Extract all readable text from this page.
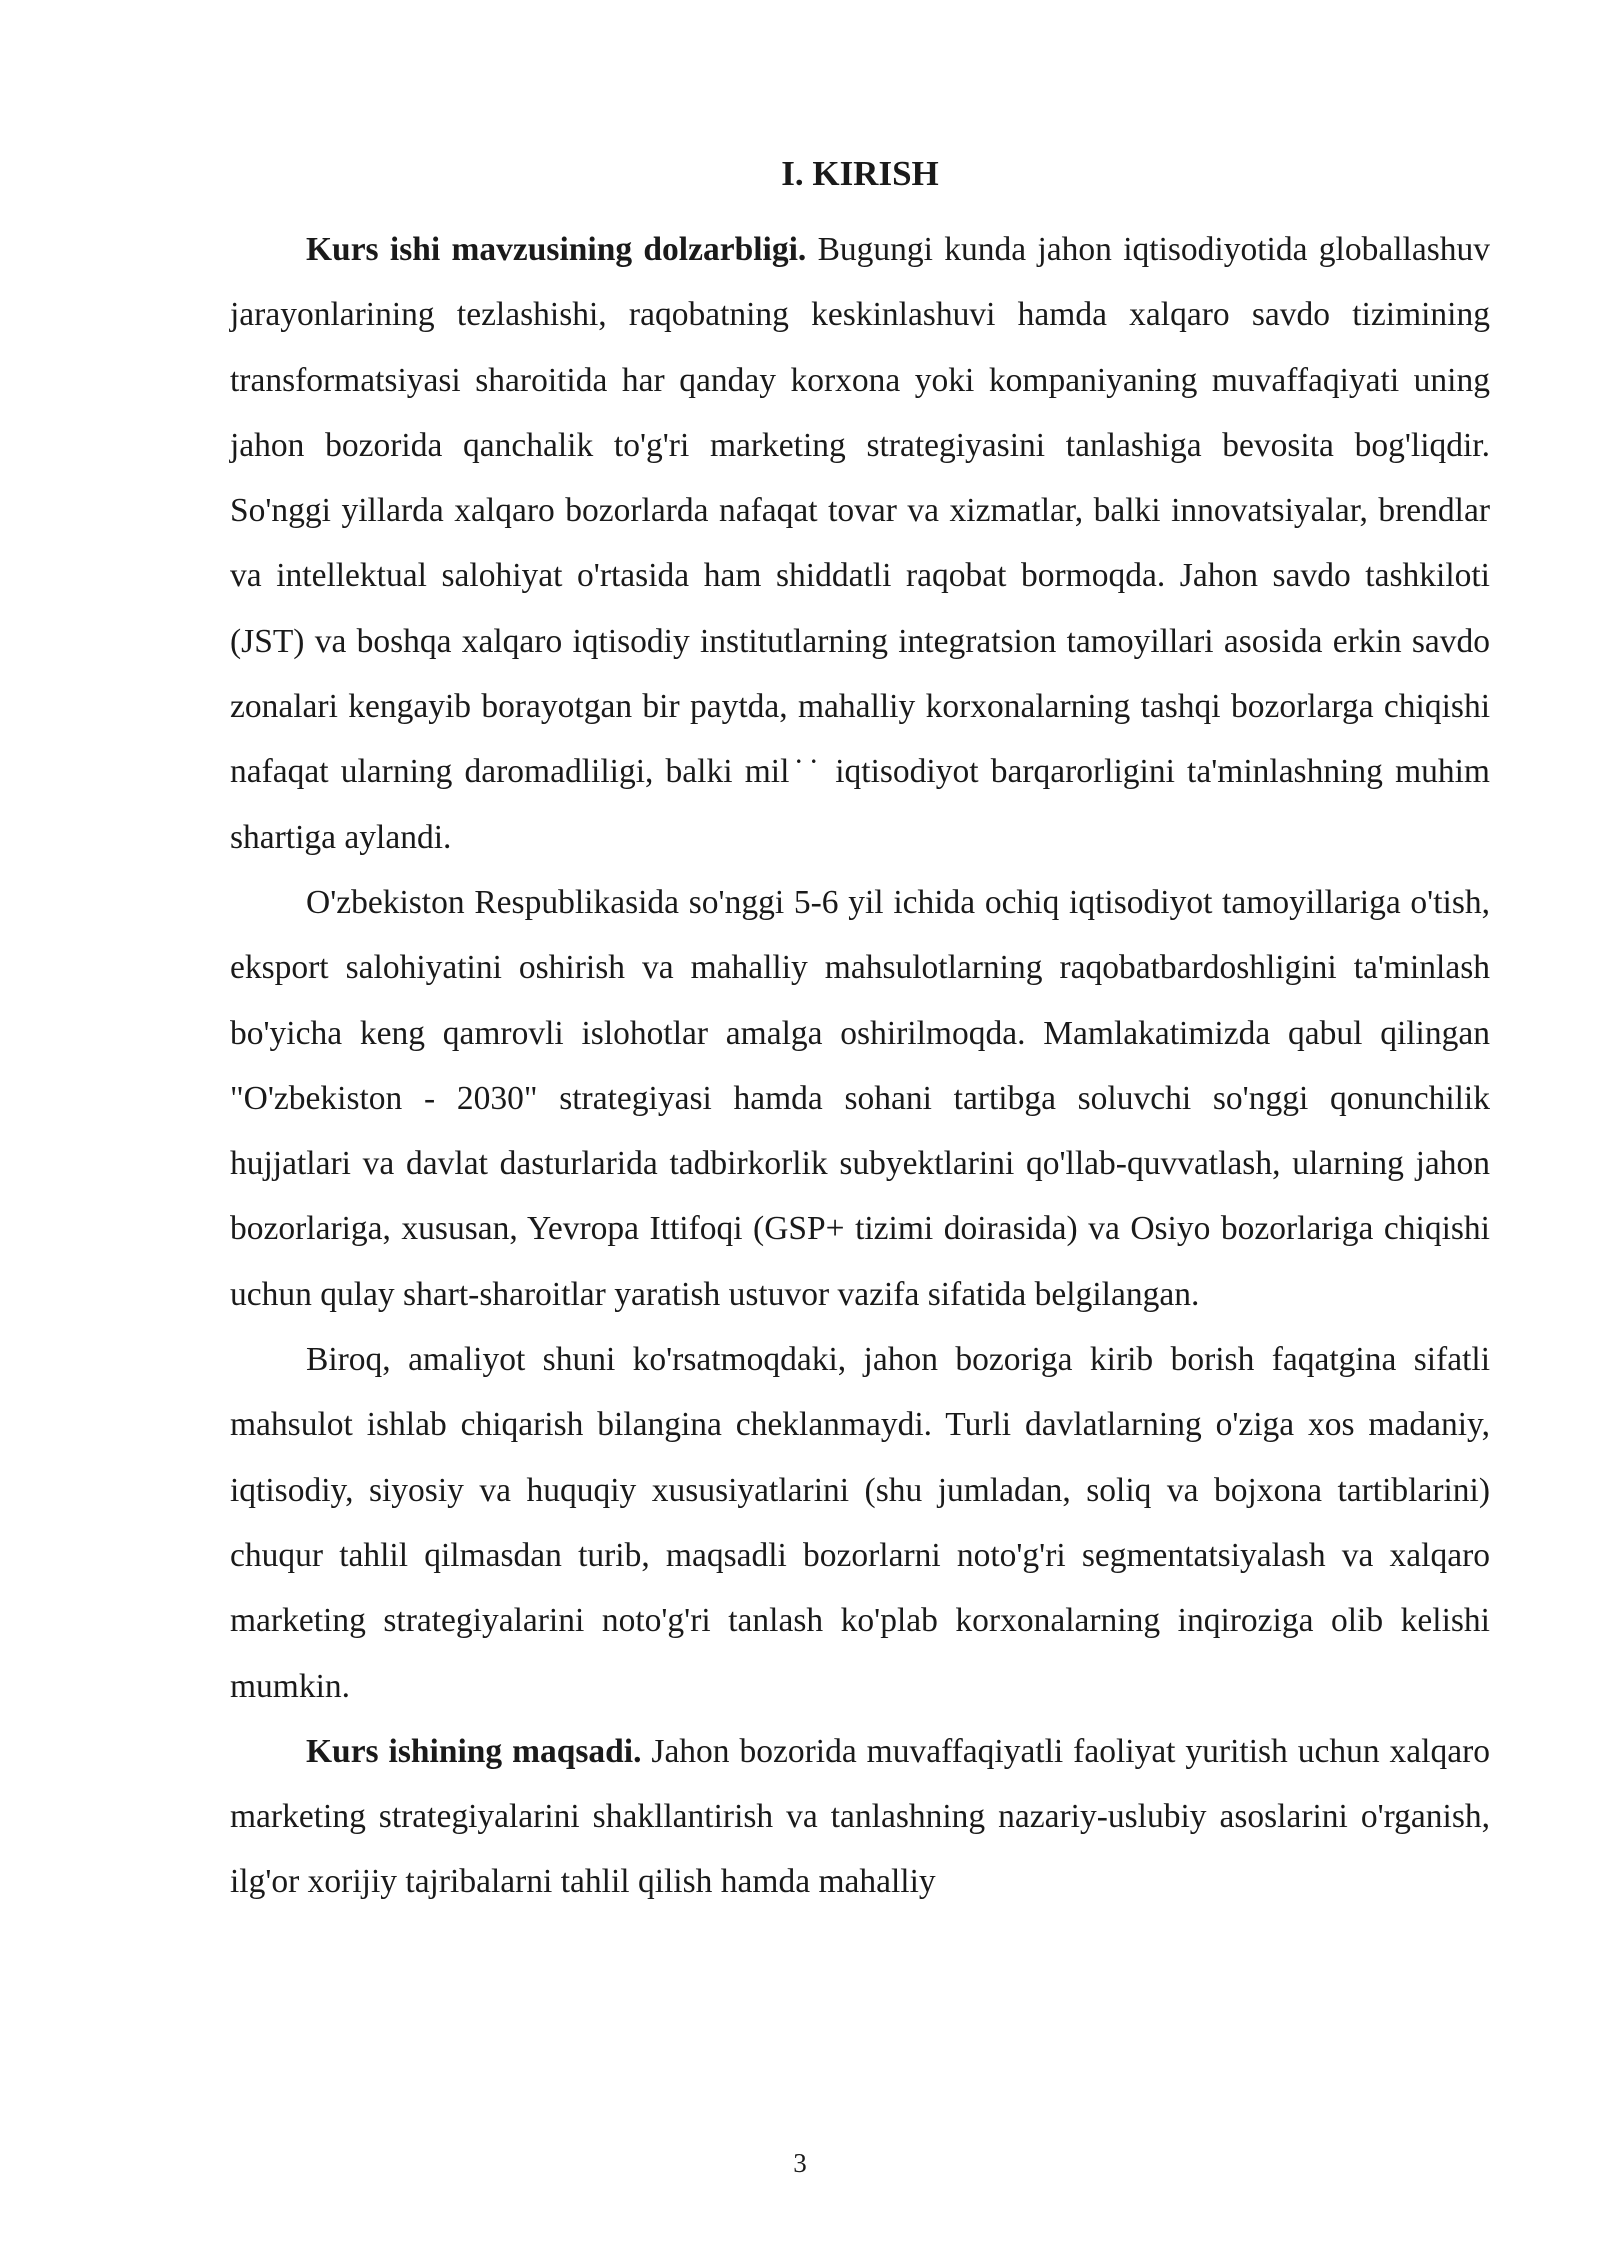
I. KIRISH

Kurs ishi mavzusining dolzarbligi. Bugungi kunda jahon iqtisodiyotida globallashuv jarayonlarining tezlashishi, raqobatning keskinlashuvi hamda xalqaro savdo tizimining transformatsiyasi sharoitida har qanday korxona yoki kompaniyaning muvaffaqiyati uning jahon bozorida qanchalik to'g'ri marketing strategiyasini tanlashiga bevosita bog'liqdir. So'nggi yillarda xalqaro bozorlarda nafaqat tovar va xizmatlar, balki innovatsiyalar, brendlar va intellektual salohiyat o'rtasida ham shiddatli raqobat bormoqda. Jahon savdo tashkiloti (JST) va boshqa xalqaro iqtisodiy institutlarning integratsion tamoyillari asosida erkin savdo zonalari kengayib borayotgan bir paytda, mahalliy korxonalarning tashqi bozorlarga chiqishi nafaqat ularning daromadliligi, balki mil˙˙ iqtisodiyot barqarorligini ta'minlashning muhim shartiga aylandi.

O'zbekiston Respublikasida so'nggi 5-6 yil ichida ochiq iqtisodiyot tamoyillariga o'tish, eksport salohiyatini oshirish va mahalliy mahsulotlarning raqobatbardoshligini ta'minlash bo'yicha keng qamrovli islohotlar amalga oshirilmoqda. Mamlakatimizda qabul qilingan "O'zbekiston - 2030" strategiyasi hamda sohani tartibga soluvchi so'nggi qonunchilik hujjatlari va davlat dasturlarida tadbirkorlik subyektlarini qo'llab-quvvatlash, ularning jahon bozorlariga, xususan, Yevropa Ittifoqi (GSP+ tizimi doirasida) va Osiyo bozorlariga chiqishi uchun qulay shart-sharoitlar yaratish ustuvor vazifa sifatida belgilangan.

Biroq, amaliyot shuni ko'rsatmoqdaki, jahon bozoriga kirib borish faqatgina sifatli mahsulot ishlab chiqarish bilangina cheklanmaydi. Turli davlatlarning o'ziga xos madaniy, iqtisodiy, siyosiy va huquqiy xususiyatlarini (shu jumladan, soliq va bojxona tartiblarini) chuqur tahlil qilmasdan turib, maqsadli bozorlarni noto'g'ri segmentatsiyalash va xalqaro marketing strategiyalarini noto'g'ri tanlash ko'plab korxonalarning inqiroziga olib kelishi mumkin.

Kurs ishining maqsadi. Jahon bozorida muvaffaqiyatli faoliyat yuritish uchun xalqaro marketing strategiyalarini shakllantirish va tanlashning nazariy-uslubiy asoslarini o'rganish, ilg'or xorijiy tajribalarni tahlil qilish hamda mahalliy

3
